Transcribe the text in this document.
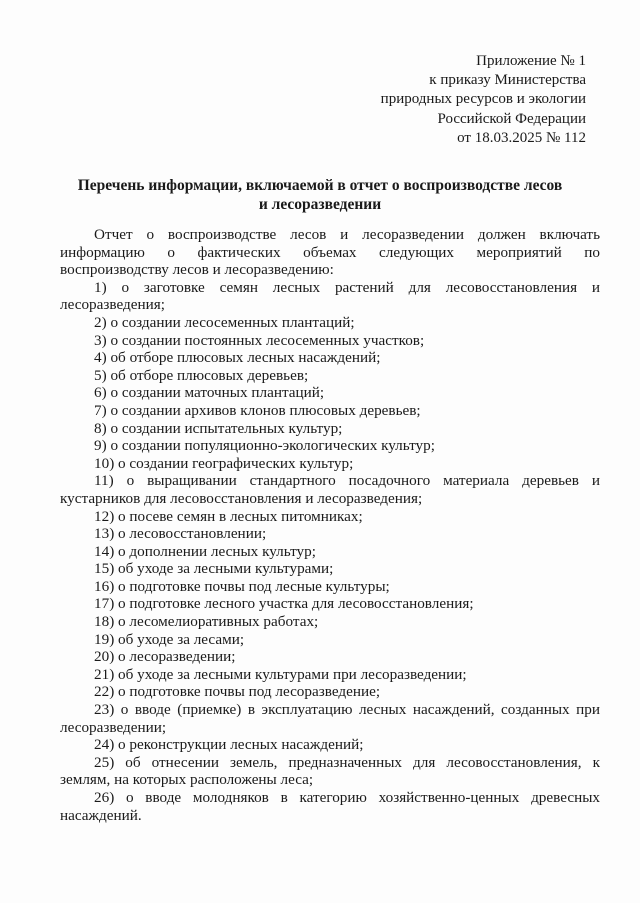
Приложение № 1
к приказу Министерства
природных ресурсов и экологии
Российской Федерации
от 18.03.2025 № 112
Перечень информации, включаемой в отчет о воспроизводстве лесов
и лесоразведении

Отчет о воспроизводстве лесов и лесоразведении должен включать информацию о фактических объемах следующих мероприятий по воспроизводству лесов и лесоразведению:

1) о заготовке семян лесных растений для лесовосстановления и лесоразведения;
2) о создании лесосеменных плантаций;
3) о создании постоянных лесосеменных участков;
4) об отборе плюсовых лесных насаждений;
5) об отборе плюсовых деревьев;
6) о создании маточных плантаций;
7) о создании архивов клонов плюсовых деревьев;
8) о создании испытательных культур;
9) о создании популяционно-экологических культур;
10) о создании географических культур;
11) о выращивании стандартного посадочного материала деревьев и кустарников для лесовосстановления и лесоразведения;
12) о посеве семян в лесных питомниках;
13) о лесовосстановлении;
14) о дополнении лесных культур;
15) об уходе за лесными культурами;
16) о подготовке почвы под лесные культуры;
17) о подготовке лесного участка для лесовосстановления;
18) о лесомелиоративных работах;
19) об уходе за лесами;
20) о лесоразведении;
21) об уходе за лесными культурами при лесоразведении;
22) о подготовке почвы под лесоразведение;
23) о вводе (приемке) в эксплуатацию лесных насаждений, созданных при лесоразведении;
24) о реконструкции лесных насаждений;
25) об отнесении земель, предназначенных для лесовосстановления, к землям, на которых расположены леса;
26) о вводе молодняков в категорию хозяйственно-ценных древесных насаждений.
